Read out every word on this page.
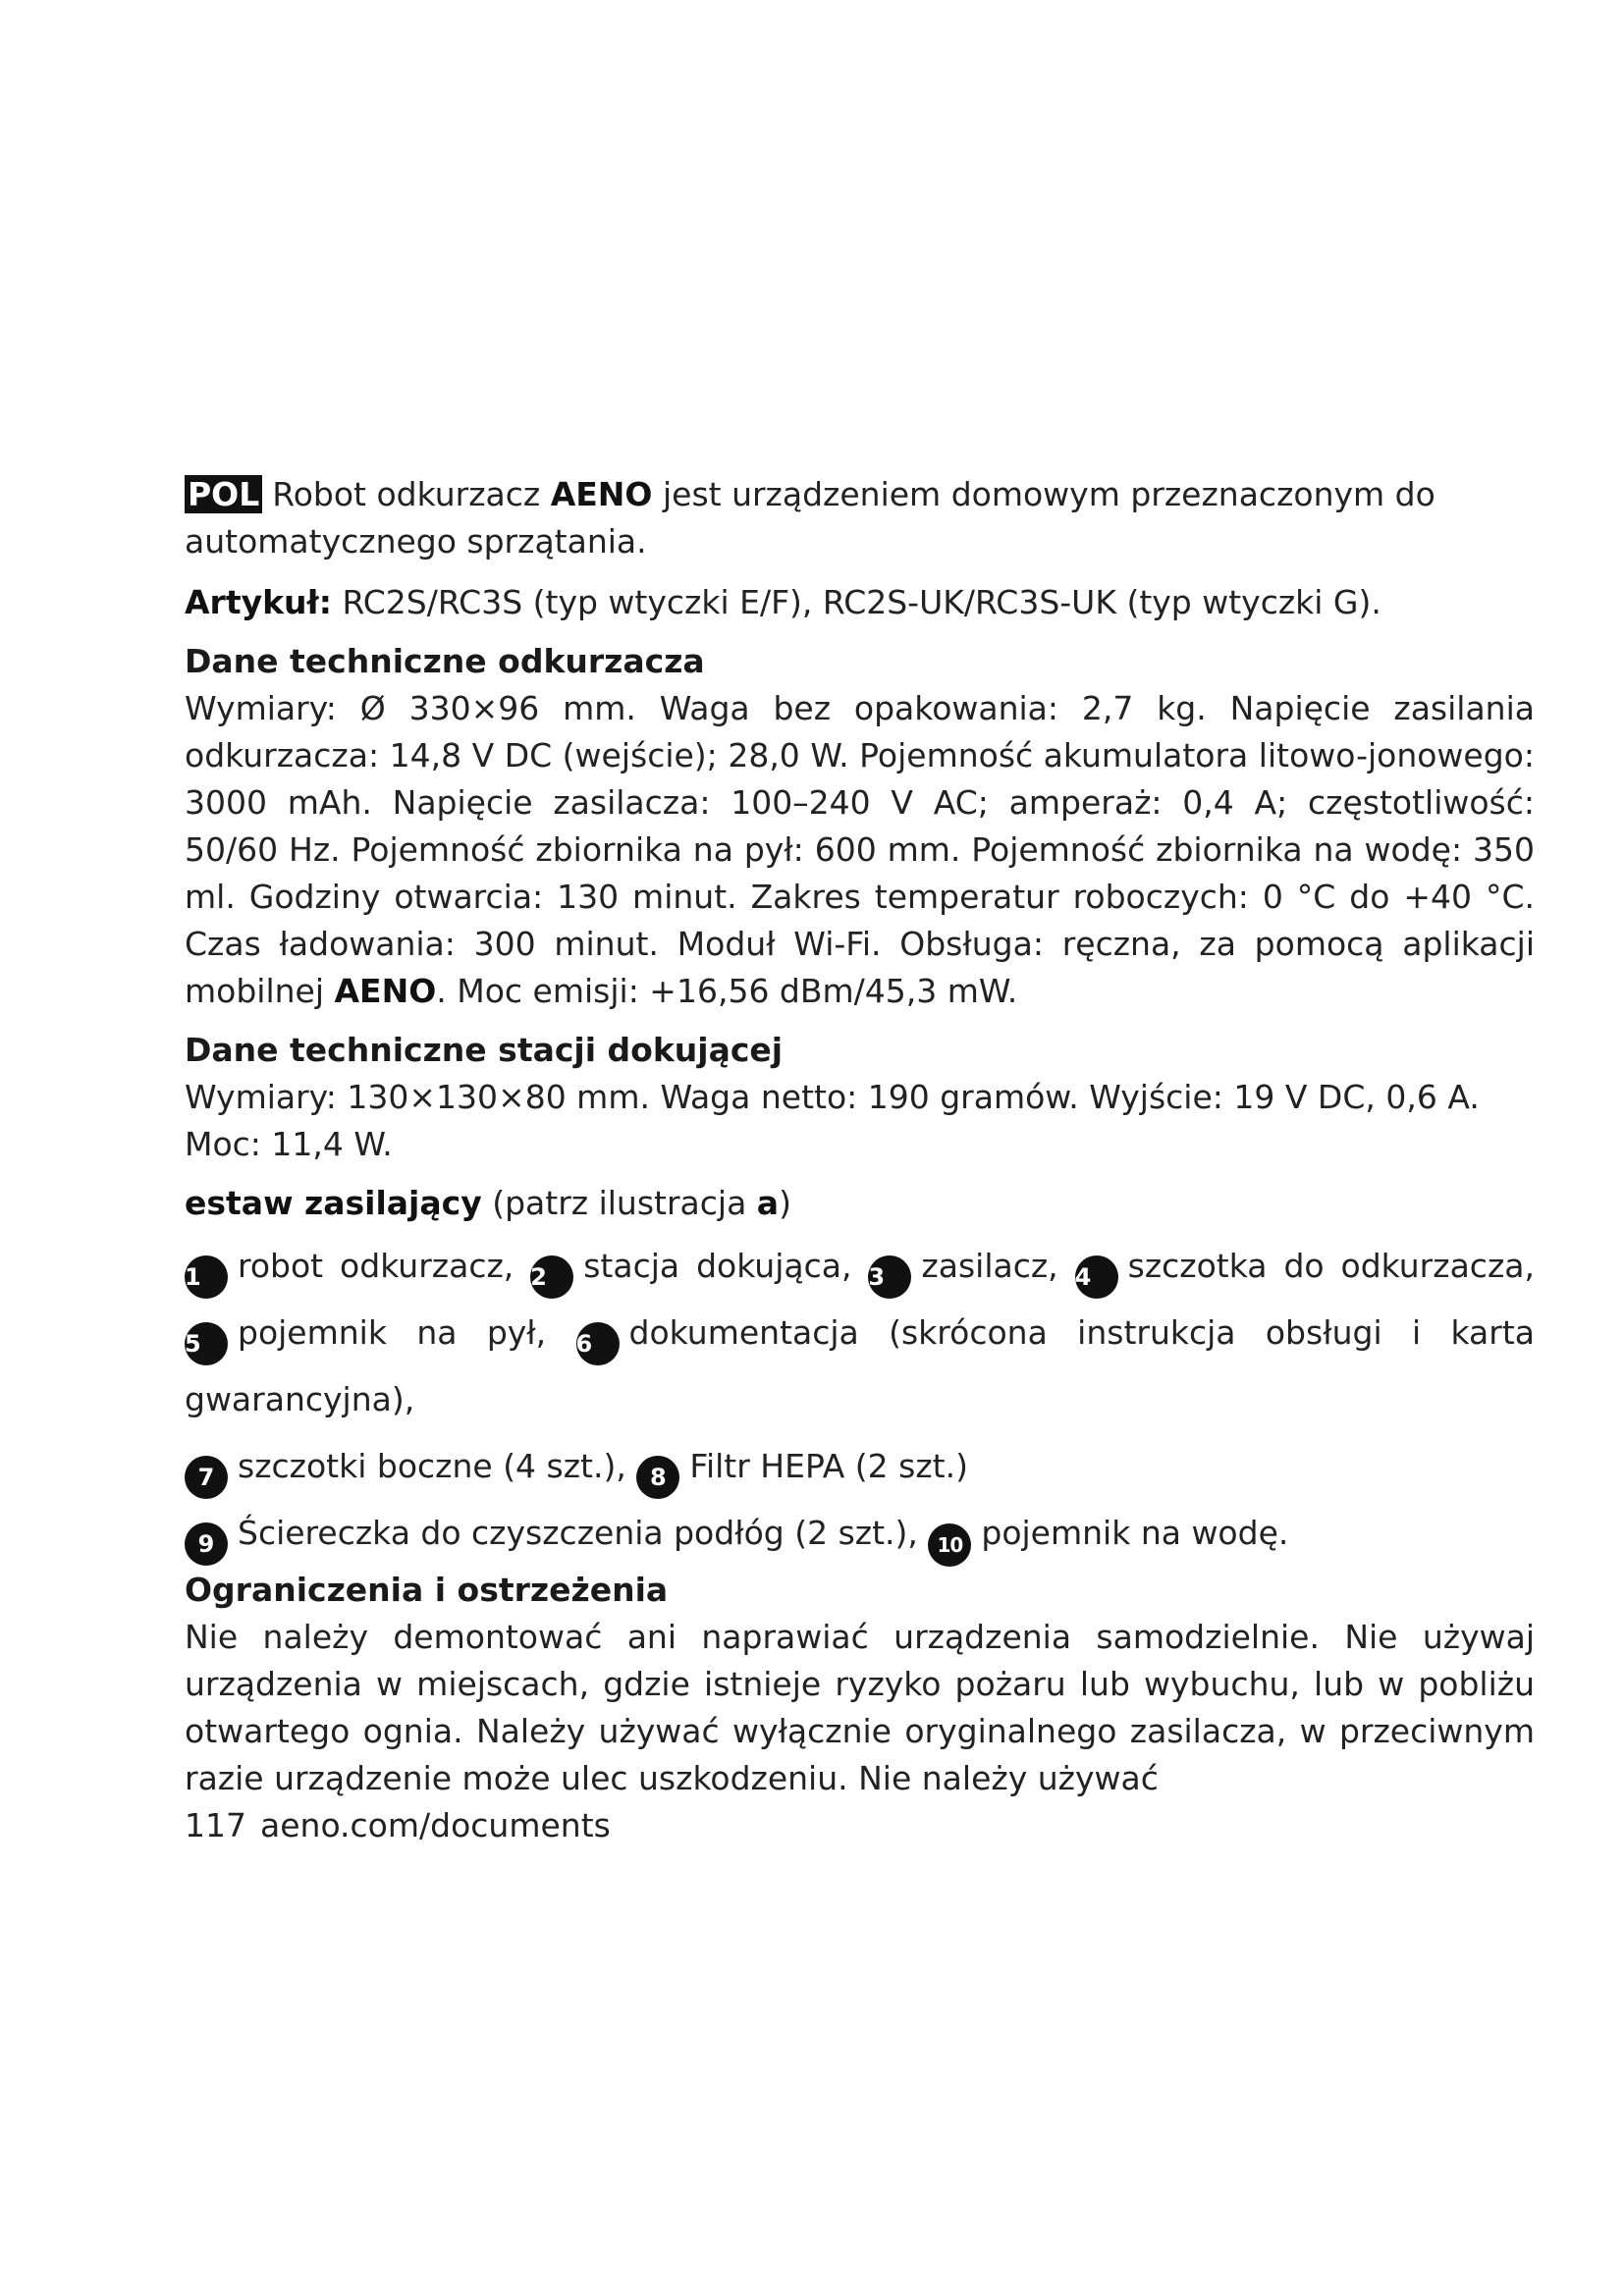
POL Robot odkurzacz AENO jest urządzeniem domowym przeznaczonym do automatycznego sprzątania.

Artykuł: RC2S/RC3S (typ wtyczki E/F), RC2S-UK/RC3S-UK (typ wtyczki G).

Dane techniczne odkurzacza

Wymiary: Ø 330×96 mm. Waga bez opakowania: 2,7 kg. Napięcie zasilania odkurzacza: 14,8 V DC (wejście); 28,0 W. Pojemność akumulatora litowo-jonowego: 3000 mAh. Napięcie zasilacza: 100–240 V AC; amperaż: 0,4 A; częstotliwość: 50/60 Hz. Pojemność zbiornika na pył: 600 mm. Pojemność zbiornika na wodę: 350 ml. Godziny otwarcia: 130 minut. Zakres temperatur roboczych: 0 °C do +40 °C. Czas ładowania: 300 minut. Moduł Wi-Fi. Obsługa: ręczna, za pomocą aplikacji mobilnej AENO. Moc emisji: +16,56 dBm/45,3 mW.

Dane techniczne stacji dokującej

Wymiary: 130×130×80 mm. Waga netto: 190 gramów. Wyjście: 19 V DC, 0,6 A. Moc: 11,4 W.

estaw zasilający (patrz ilustracja a)

1 robot odkurzacz, 2 stacja dokująca, 3 zasilacz, 4 szczotka do odkurzacza,

5 pojemnik na pył, 6 dokumentacja (skrócona instrukcja obsługi i karta gwarancyjna),

7 szczotki boczne (4 szt.), 8 Filtr HEPA (2 szt.)

9 Ściereczka do czyszczenia podłóg (2 szt.), 10 pojemnik na wodę.

Ograniczenia i ostrzeżenia

Nie należy demontować ani naprawiać urządzenia samodzielnie. Nie używaj urządzenia w miejscach, gdzie istnieje ryzyko pożaru lub wybuchu, lub w pobliżu otwartego ognia. Należy używać wyłącznie oryginalnego zasilacza, w przeciwnym razie urządzenie może ulec uszkodzeniu. Nie należy używać

117 aeno.com/documents
